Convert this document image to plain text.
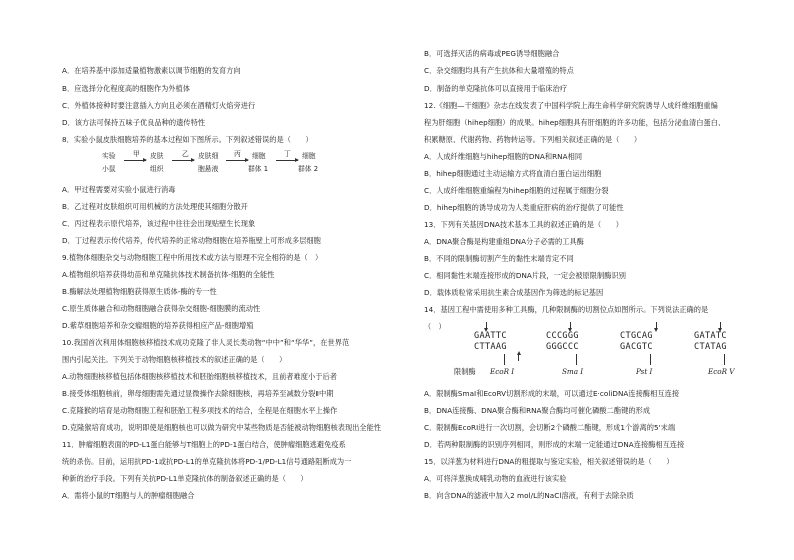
A．在培养基中添加适量植物激素以调节细胞的发育方向
B．应选择分化程度高的细胞作为外植体
C．外植体接种时要注意插入方向且必须在酒精灯火焰旁进行
D．该方法可保持五味子优良品种的遗传特性
8．实验小鼠皮肤细胞培养的基本过程如下图所示。下列叙述错误的是（　　）
A．甲过程需要对实验小鼠进行消毒
B．乙过程对皮肤组织可用机械的方法处理使其细胞分散开
C．丙过程表示原代培养，该过程中往往会出现贴壁生长现象
D．丁过程表示传代培养，传代培养的正常动物细胞在培养瓶壁上可形成多层细胞
9.植物体细胞杂交与动物细胞工程中所用技术或方法与原理不完全相符的是（　）
A.植物组织培养获得幼苗和单克隆抗体技术制备抗体-细胞的全能性
B.酶解法处理植物细胞获得原生质体-酶的专一性
C.原生质体融合和动物细胞融合获得杂交细胞-细胞膜的流动性
D.紫草细胞培养和杂交瘤细胞的培养获得相应产品-细胞增殖
10.我国首次利用体细胞核移植技术成功克隆了非人灵长类动物“中中”和“华华”，在世界范
围内引起关注。下列关于动物细胞核移植技术的叙述正确的是（　　）
A.动物细胞核移植包括体细胞核移植技术和胚胎细胞核移植技术，且前者难度小于后者
B.接受体细胞核前，卵母细胞需先通过显微操作去除细胞核，再培养至减数分裂Ⅱ中期
C.克隆猴的培育是动物细胞工程和胚胎工程多项技术的结合，全程是在细胞水平上操作
D.克隆猴培育成功，说明即使是细胞核也可以做为研究中某些物质是否能被动物细胞核表现出全能性
11．肿瘤细胞表面的PD-L1蛋白能够与T细胞上的PD-1蛋白结合，使肿瘤细胞逃避免疫系
统的杀伤。目前，运用抗PD-1或抗PD-L1的单克隆抗体将PD-1/PD-L1信号通路阻断成为一
种新的治疗手段。下列有关抗PD-L1单克隆抗体的制备叙述正确的是（　　）
A．需将小鼠的T细胞与人的肿瘤细胞融合
实验
小鼠
甲 皮肤
组织
乙 皮肤细
胞悬液
丙 细胞
群体 1
丁 细胞
群体 2
B．可选择灭活的病毒或PEG诱导细胞融合
C．杂交细胞均具有产生抗体和大量增殖的特点
D．制备的单克隆抗体可以直接用于临床治疗
12.《细胞—干细胞》杂志在线发表了中国科学院上海生命科学研究院诱导人成纤维细胞重编
程为肝细胞（hihep细胞）的成果。hihep细胞具有肝细胞的许多功能，包括分泌血清白蛋白、
积累糖原、代谢药物、药物转运等。下列相关叙述正确的是（　　）
A．人成纤维细胞与hihep细胞的DNA和RNA相同
B．hihep细胞通过主动运输方式将血清白蛋白运出细胞
C．人成纤维细胞重编程为hihep细胞的过程属于细胞分裂
D．hihep细胞的诱导成功为人类重症肝病的治疗提供了可能性
13．下列有关基因DNA技术基本工具的叙述正确的是（　　）
A．DNA聚合酶是构建重组DNA分子必需的工具酶
B．不同的限制酶切割产生的黏性末端肯定不同
C．相同黏性末端连接形成的DNA片段，一定会被原限制酶识别
D．载体质粒常采用抗生素合成基因作为筛选的标记基因
14．基因工程中需使用多种工具酶，几种限制酶的切割位点如图所示。下列说法正确的是
（　）
A．限制酶SmaⅠ和EcoRV切割形成的末端，可以通过E·coliDNA连接酶相互连接
B．DNA连接酶、DNA聚合酶和RNA聚合酶均可催化磷酸二酯键的形成
C．限制酶EcoRⅠ进行一次切割，会切断2个磷酸二酯键，形成1个游离的5'末端
D．若两种限制酶的识别序列相同，则形成的末端一定能通过DNA连接酶相互连接
15．以洋葱为材料进行DNA的粗提取与鉴定实验，相关叙述错误的是（　　）
A．可将洋葱换成哺乳动物的血液进行该实验
B．向含DNA的滤液中加入2 mol/L的NaCl溶液，有利于去除杂质
GAATTC
CTTAAG
限制酶 EcoR Ⅰ
CCCGGG
GGGCCC
Sma Ⅰ
CTGCAG
GACGTC
Pst Ⅰ
GATATC
CTATAG
EcoR Ⅴ
